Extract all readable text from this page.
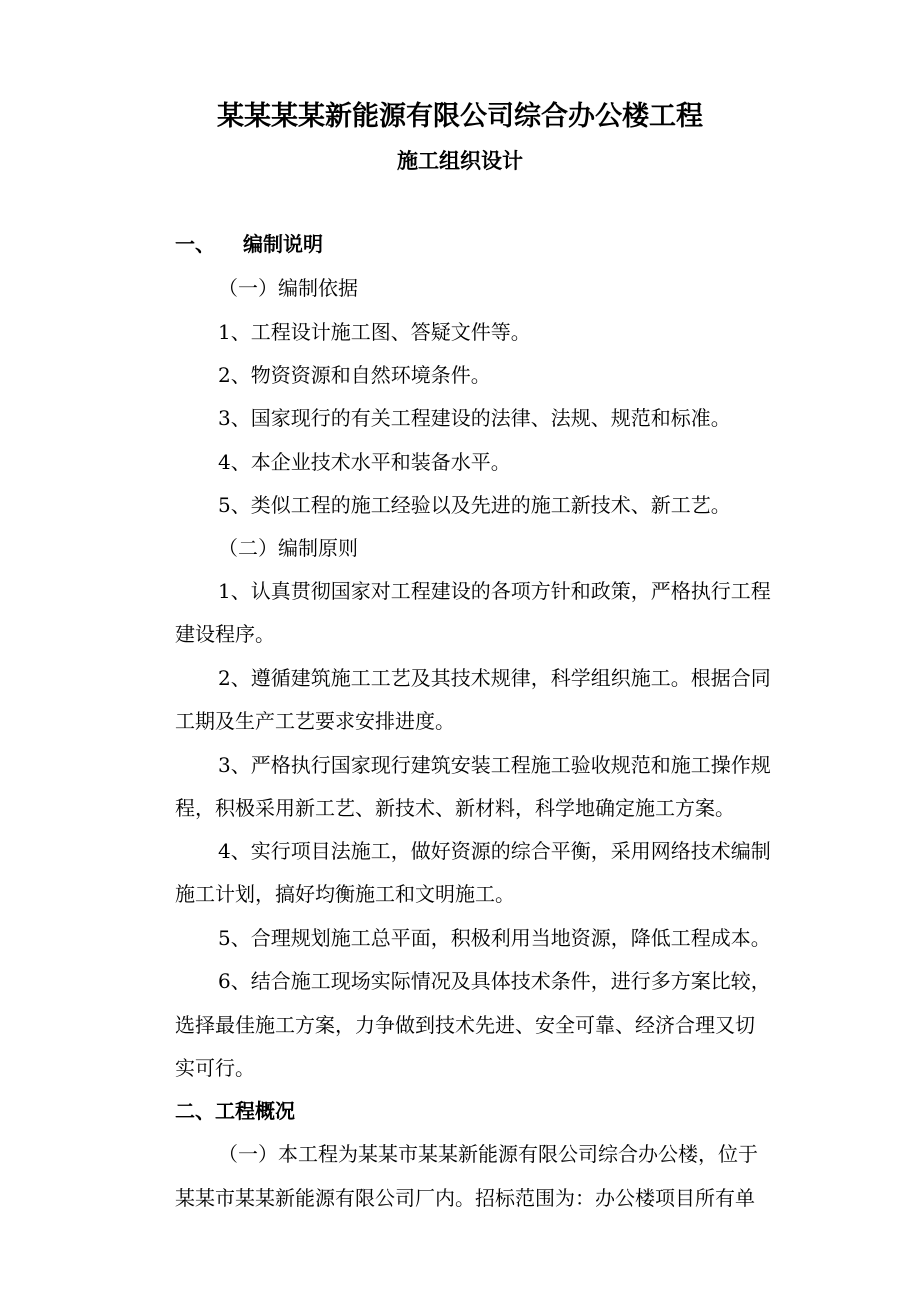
某某某某新能源有限公司综合办公楼工程
施工组织设计
一、 编制说明
（一）编制依据
1、工程设计施工图、答疑文件等。
2、物资资源和自然环境条件。
3、国家现行的有关工程建设的法律、法规、规范和标准。
4、本企业技术水平和装备水平。
5、类似工程的施工经验以及先进的施工新技术、新工艺。
（二）编制原则
1、认真贯彻国家对工程建设的各项方针和政策，严格执行工程
建设程序。
2、遵循建筑施工工艺及其技术规律，科学组织施工。根据合同
工期及生产工艺要求安排进度。
3、严格执行国家现行建筑安装工程施工验收规范和施工操作规
程，积极采用新工艺、新技术、新材料，科学地确定施工方案。
4、实行项目法施工，做好资源的综合平衡，采用网络技术编制
施工计划，搞好均衡施工和文明施工。
5、合理规划施工总平面，积极利用当地资源，降低工程成本。
6、结合施工现场实际情况及具体技术条件，进行多方案比较，
选择最佳施工方案，力争做到技术先进、安全可靠、经济合理又切
实可行。
二、工程概况
（一）本工程为某某市某某新能源有限公司综合办公楼，位于
某某市某某新能源有限公司厂内。招标范围为：办公楼项目所有单
